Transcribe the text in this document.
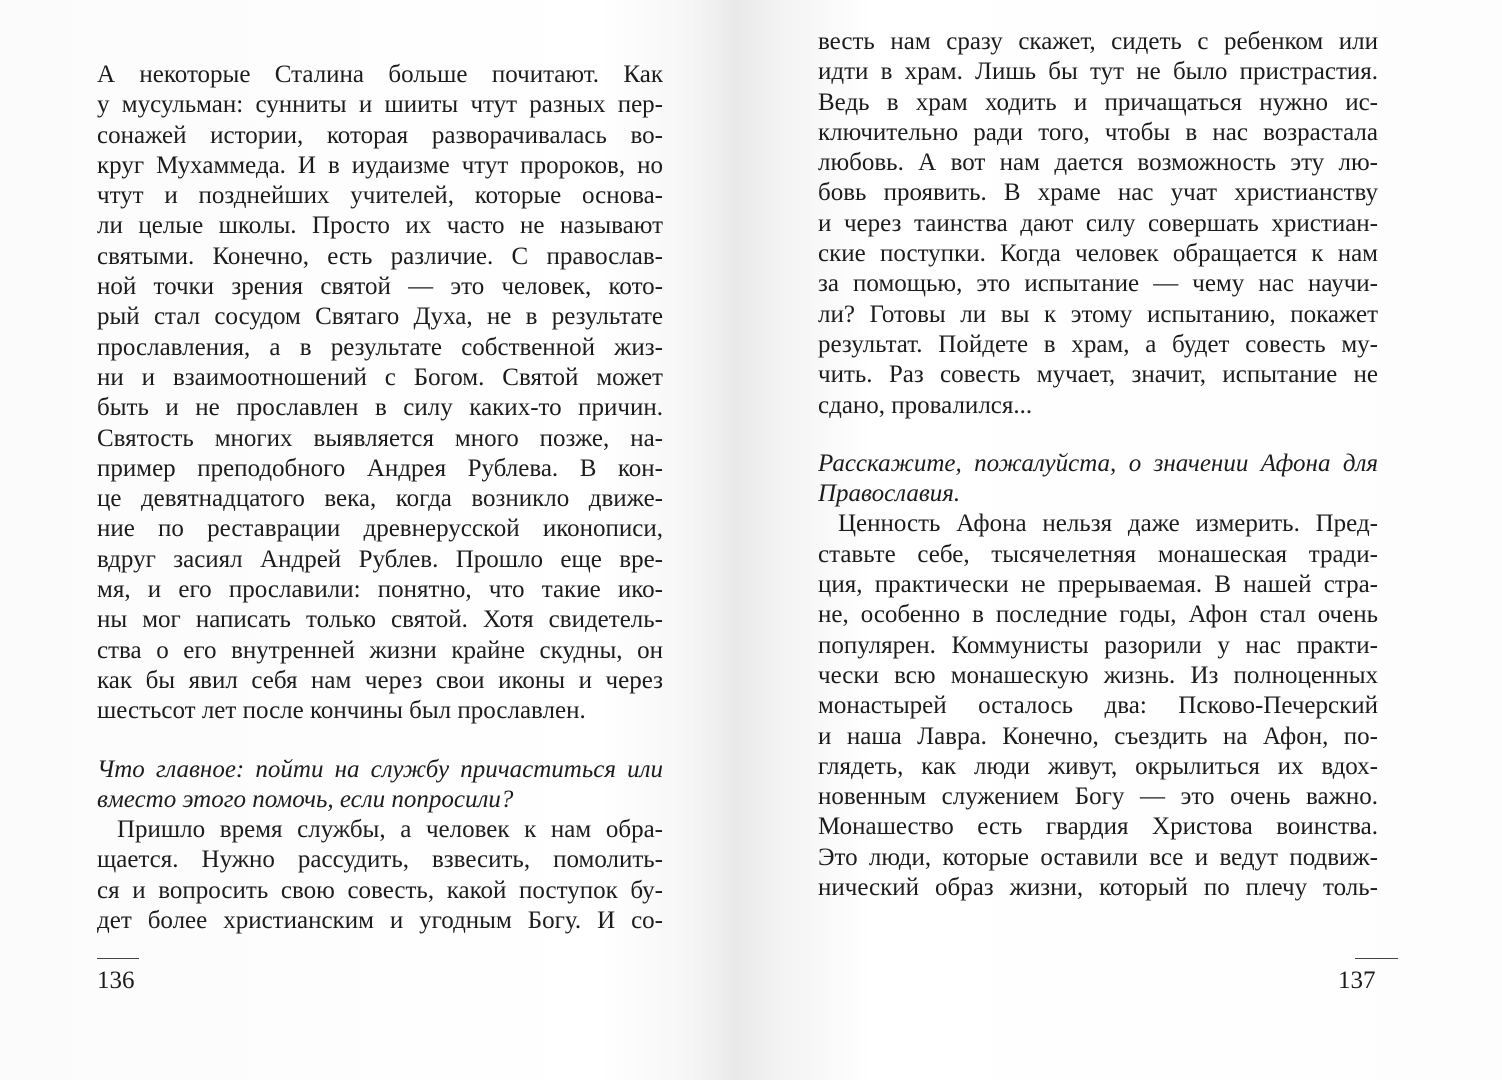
А некоторые Сталина больше почитают. Как
у мусульман: сунниты и шииты чтут разных пер-
сонажей истории, которая разворачивалась во-
круг Мухаммеда. И в иудаизме чтут пророков, но
чтут и позднейших учителей, которые основа-
ли целые школы. Просто их часто не называют
святыми. Конечно, есть различие. С православ-
ной точки зрения святой — это человек, кото-
рый стал сосудом Святаго Духа, не в результате
прославления, а в результате собственной жиз-
ни и взаимоотношений с Богом. Святой может
быть и не прославлен в силу каких-то причин.
Святость многих выявляется много позже, на-
пример преподобного Андрея Рублева. В кон-
це девятнадцатого века, когда возникло движе-
ние по реставрации древнерусской иконописи,
вдруг засиял Андрей Рублев. Прошло еще вре-
мя, и его прославили: понятно, что такие ико-
ны мог написать только святой. Хотя свидетель-
ства о его внутренней жизни крайне скудны, он
как бы явил себя нам через свои иконы и через
шестьсот лет после кончины был прославлен.
Что главное: пойти на службу причаститься или
вместо этого помочь, если попросили?
Пришло время службы, а человек к нам обра-
щается. Нужно рассудить, взвесить, помолить-
ся и вопросить свою совесть, какой поступок бу-
дет более христианским и угодным Богу. И со-
весть нам сразу скажет, сидеть с ребенком или
идти в храм. Лишь бы тут не было пристрастия.
Ведь в храм ходить и причащаться нужно ис-
ключительно ради того, чтобы в нас возрастала
любовь. А вот нам дается возможность эту лю-
бовь проявить. В храме нас учат христианству
и через таинства дают силу совершать христиан-
ские поступки. Когда человек обращается к нам
за помощью, это испытание — чему нас научи-
ли? Готовы ли вы к этому испытанию, покажет
результат. Пойдете в храм, а будет совесть му-
чить. Раз совесть мучает, значит, испытание не
сдано, провалился...
Расскажите, пожалуйста, о значении Афона для
Православия.
Ценность Афона нельзя даже измерить. Пред-
ставьте себе, тысячелетняя монашеская тради-
ция, практически не прерываемая. В нашей стра-
не, особенно в последние годы, Афон стал очень
популярен. Коммунисты разорили у нас практи-
чески всю монашескую жизнь. Из полноценных
монастырей осталось два: Псково-Печерский
и наша Лавра. Конечно, съездить на Афон, по-
глядеть, как люди живут, окрылиться их вдох-
новенным служением Богу — это очень важно.
Монашество есть гвардия Христова воинства.
Это люди, которые оставили все и ведут подвиж-
нический образ жизни, который по плечу толь-
136	137
